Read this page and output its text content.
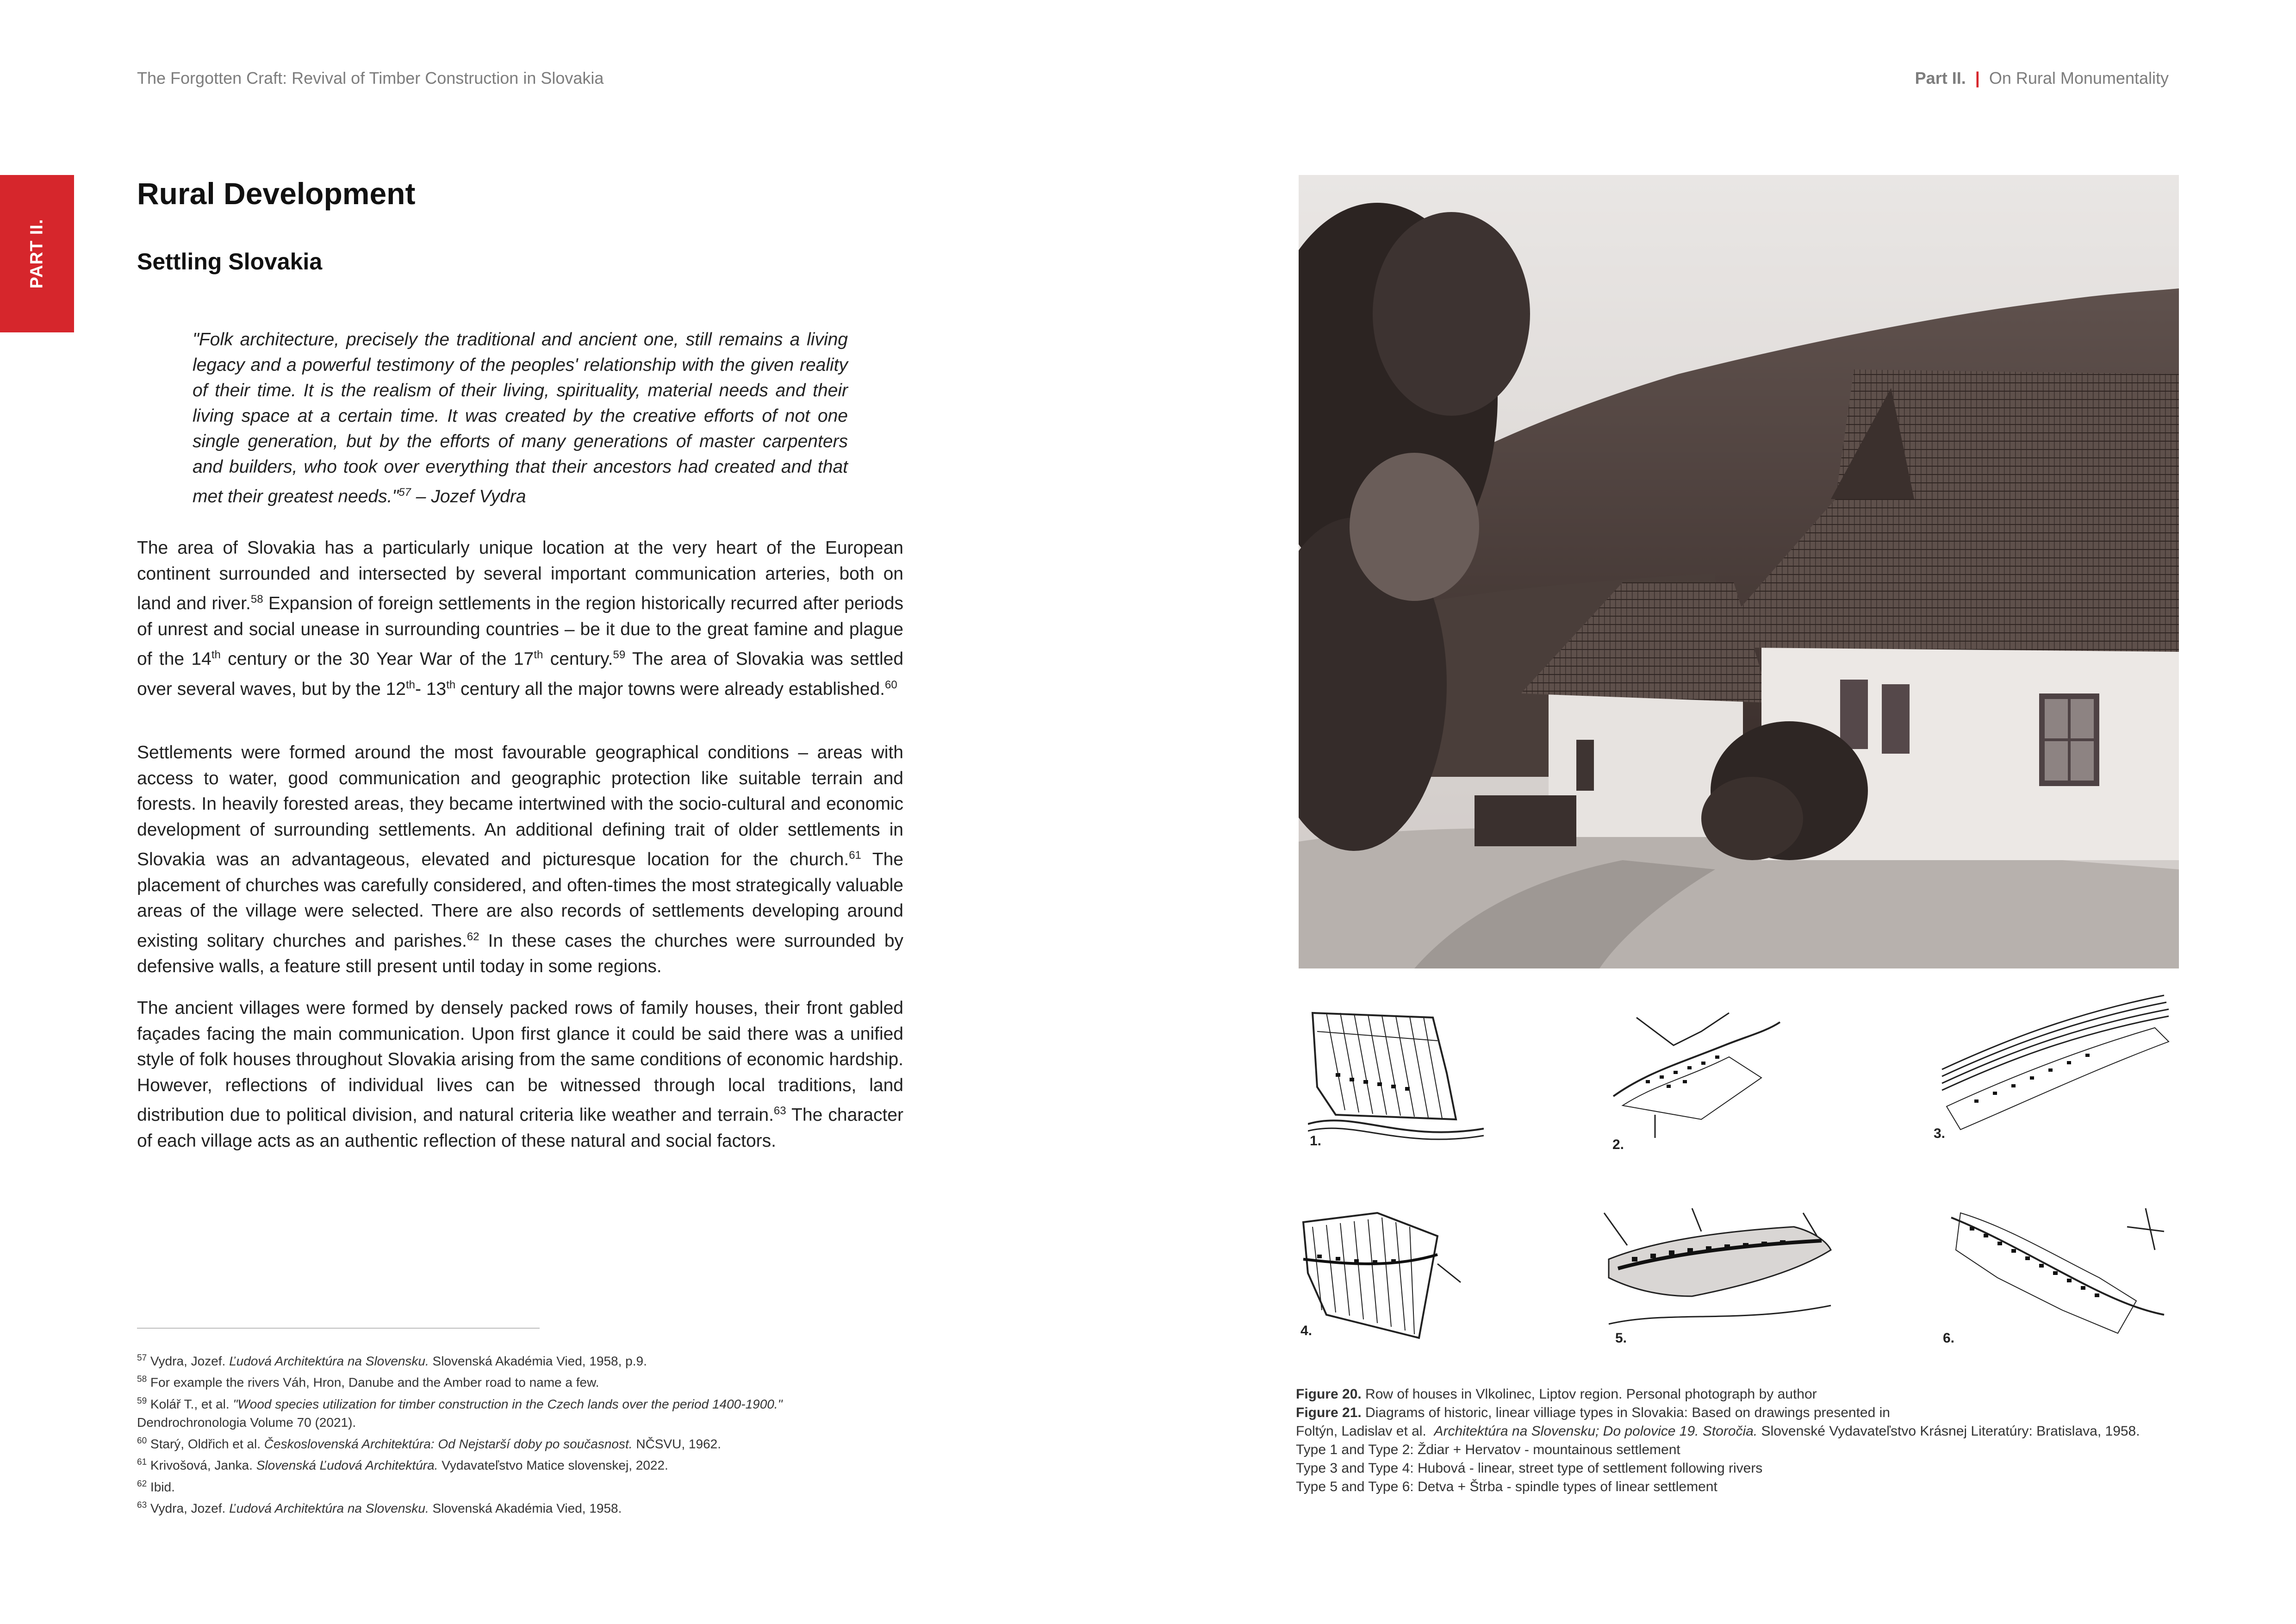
The Forgotten Craft: Revival of Timber Construction in Slovakia	Part II. | On Rural Monumentality
PART II.
Rural Development
Settling Slovakia
"Folk architecture, precisely the traditional and ancient one, still remains a living legacy and a powerful testimony of the peoples' relationship with the given reality of their time. It is the realism of their living, spirituality, material needs and their living space at a certain time. It was created by the creative efforts of not one single generation, but by the efforts of many generations of master carpenters and builders, who took over everything that their ancestors had created and that met their greatest needs."$^{57}$ – Jozef Vydra

The area of Slovakia has a particularly unique location at the very heart of the European continent surrounded and intersected by several important communication arteries, both on land and river.$^{58}$ Expansion of foreign settlements in the region historically recurred after periods of unrest and social unease in surrounding countries – be it due to the great famine and plague of the 14th century or the 30 Year War of the 17th century.$^{59}$ The area of Slovakia was settled over several waves, but by the 12th- 13th century all the major towns were already established.$^{60}$

Settlements were formed around the most favourable geographical conditions – areas with access to water, good communication and geographic protection like suitable terrain and forests. In heavily forested areas, they became intertwined with the socio-cultural and economic development of surrounding settlements. An additional defining trait of older settlements in Slovakia was an advantageous, elevated and picturesque location for the church.$^{61}$ The placement of churches was carefully considered, and often-times the most strategically valuable areas of the village were selected. There are also records of settlements developing around existing solitary churches and parishes.$^{62}$ In these cases the churches were surrounded by defensive walls, a feature still present until today in some regions.

The ancient villages were formed by densely packed rows of family houses, their front gabled façades facing the main communication. Upon first glance it could be said there was a unified style of folk houses throughout Slovakia arising from the same conditions of economic hardship. However, reflections of individual lives can be witnessed through local traditions, land distribution due to political division, and natural criteria like weather and terrain.$^{63}$ The character of each village acts as an authentic reflection of these natural and social factors.

$^{57}$ Vydra, Jozef. Ľudová Architektúra na Slovensku. Slovenská Akadémia Vied, 1958, p.9.
$^{58}$ For example the rivers Váh, Hron, Danube and the Amber road to name a few.
$^{59}$ Kolář T., et al. "Wood species utilization for timber construction in the Czech lands over the period 1400-1900."
Dendrochronologia Volume 70 (2021).
$^{60}$ Starý, Oldřich et al. Československá Architektúra: Od Nejstarší doby po současnost. NČSVU, 1962.
$^{61}$ Krivošová, Janka. Slovenská Ľudová Architektúra. Vydavateľstvo Matice slovenskej, 2022.
$^{62}$ Ibid.
$^{63}$ Vydra, Jozef. Ľudová Architektúra na Slovensku. Slovenská Akadémia Vied, 1958.
1.	2.
3.
4.	5.	6.
Figure 20. Row of houses in Vlkolinec, Liptov region. Personal photograph by author
Figure 21. Diagrams of historic, linear villiage types in Slovakia: Based on drawings presented in
Foltýn, Ladislav et al.  Architektúra na Slovensku; Do polovice 19. Storočia. Slovenské Vydavateľstvo Krásnej Literatúry: Bratislava, 1958.
Type 1 and Type 2: Ždiar + Hervatov - mountainous settlement
Type 3 and Type 4: Hubová - linear, street type of settlement following rivers
Type 5 and Type 6: Detva + Štrba - spindle types of linear settlement
